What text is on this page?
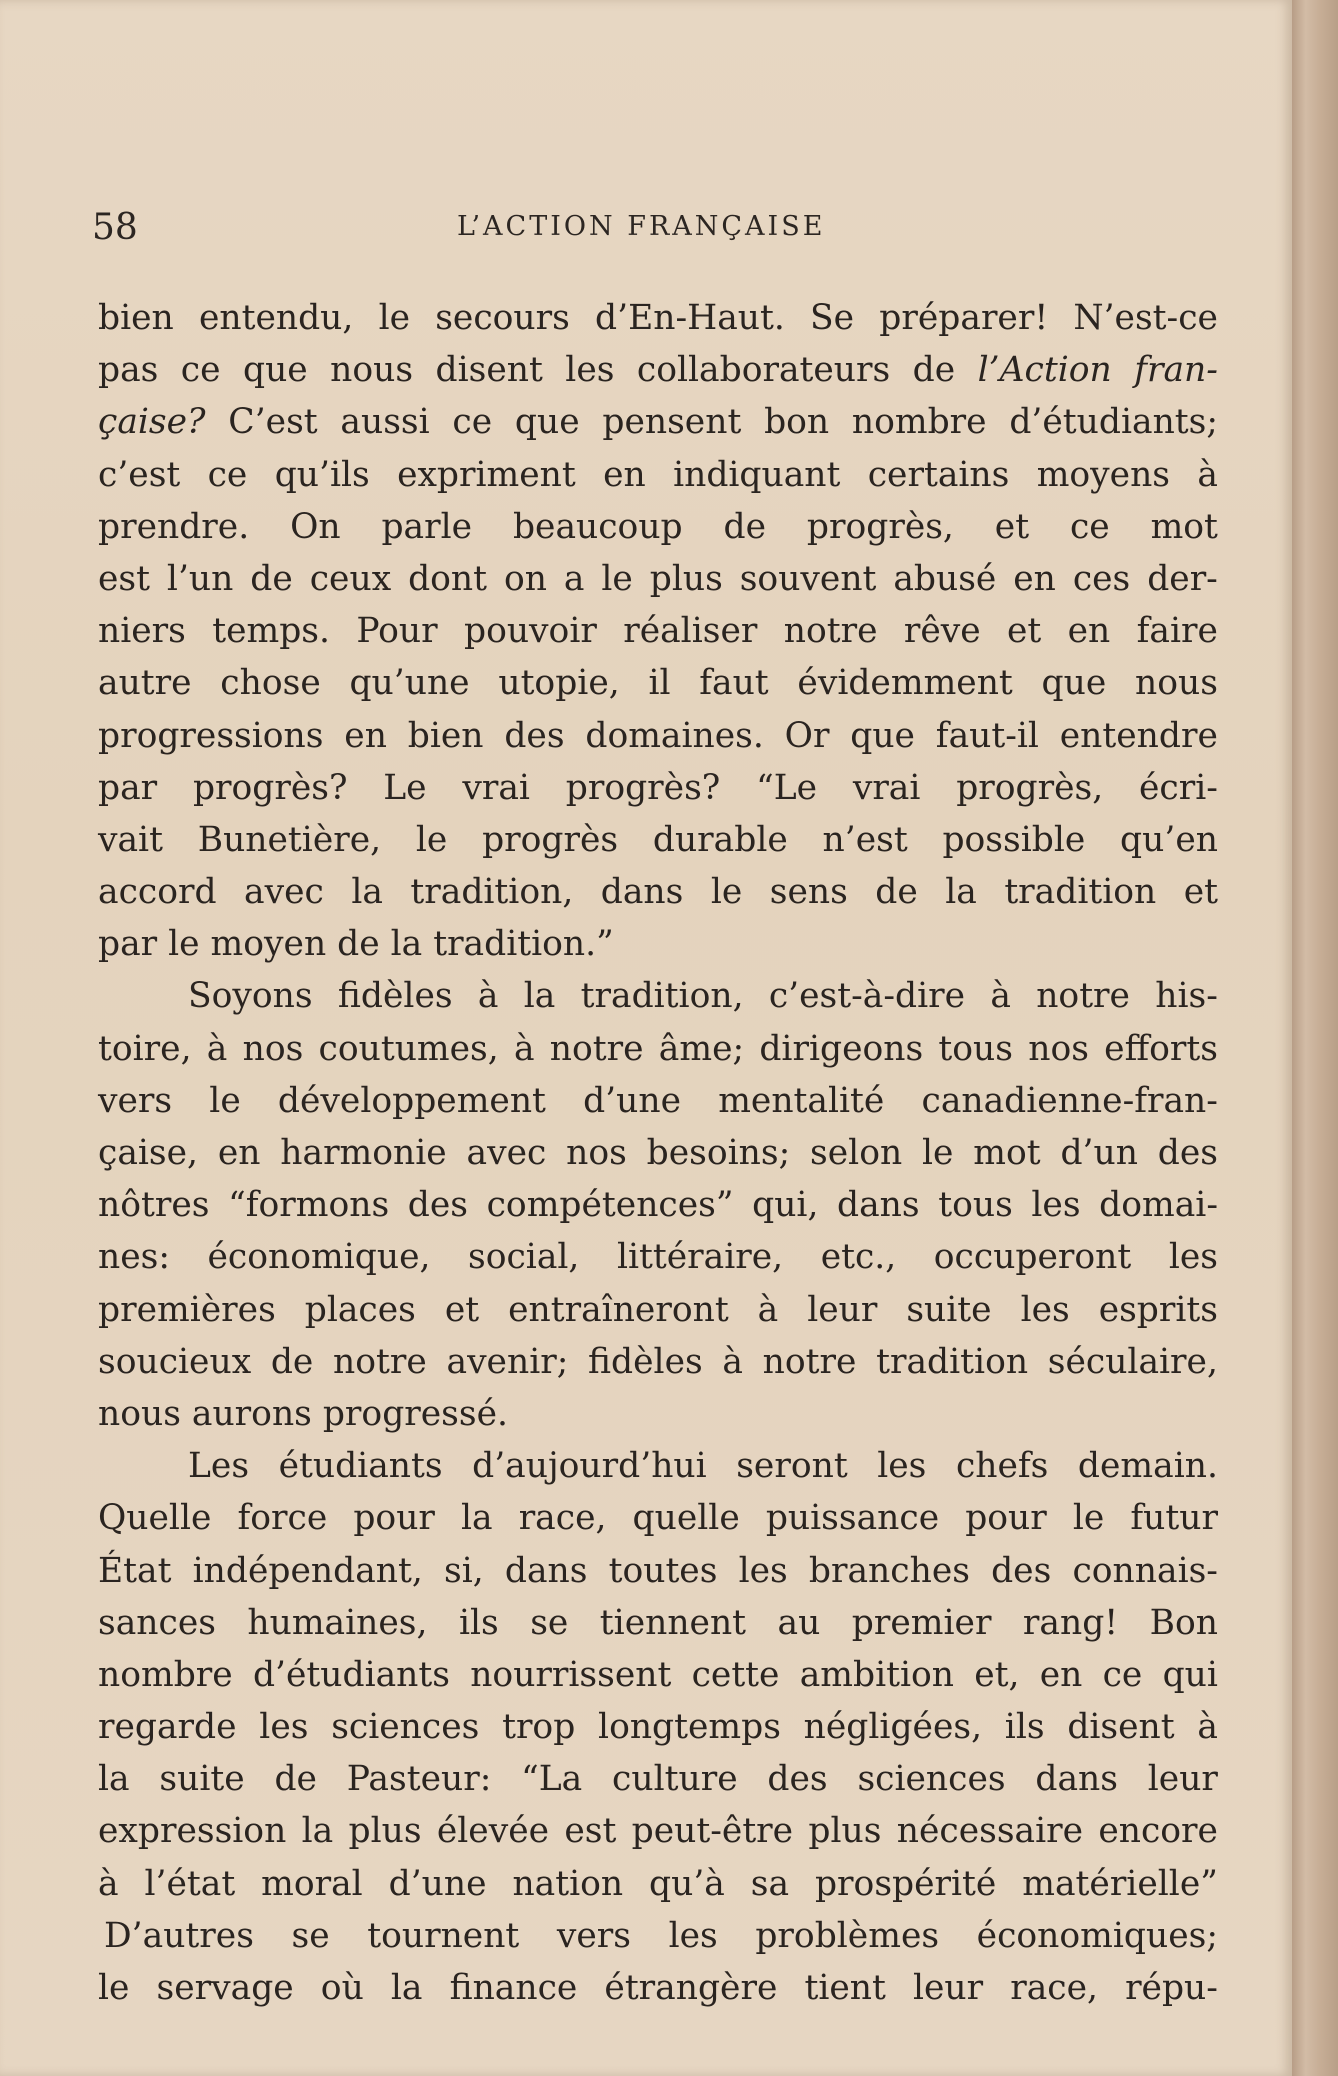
58	L’ACTION FRANÇAISE
bien entendu, le secours d’En-Haut. Se préparer! N’est-ce
pas ce que nous disent les collaborateurs de l’Action fran-
çaise? C’est aussi ce que pensent bon nombre d’étudiants;
c’est ce qu’ils expriment en indiquant certains moyens à
prendre. On parle beaucoup de progrès, et ce mot
est l’un de ceux dont on a le plus souvent abusé en ces der-
niers temps. Pour pouvoir réaliser notre rêve et en faire
autre chose qu’une utopie, il faut évidemment que nous
progressions en bien des domaines. Or que faut-il entendre
par progrès? Le vrai progrès? “Le vrai progrès, écri-
vait Bunetière, le progrès durable n’est possible qu’en
accord avec la tradition, dans le sens de la tradition et
par
le
moyen
de
la
tradition.”
Soyons fidèles à la tradition, c’est-à-dire à notre his-
toire, à nos coutumes, à notre âme; dirigeons tous nos efforts
vers le développement d’une mentalité canadienne-fran-
çaise, en harmonie avec nos besoins; selon le mot d’un des
nôtres “formons des compétences” qui, dans tous les domai-
nes: économique, social, littéraire, etc., occuperont les
premières places et entraîneront à leur suite les esprits
soucieux de notre avenir; fidèles à notre tradition séculaire,
nous
aurons
progressé.
Les étudiants d’aujourd’hui seront les chefs demain.
Quelle force pour la race, quelle puissance pour le futur
État indépendant, si, dans toutes les branches des connais-
sances humaines, ils se tiennent au premier rang! Bon
nombre d’étudiants nourrissent cette ambition et, en ce qui
regarde les sciences trop longtemps négligées, ils disent à
la suite de Pasteur: “La culture des sciences dans leur
expression la plus élevée est peut-être plus nécessaire encore
à l’état moral d’une nation qu’à sa prospérité matérielle”
D’autres se tournent vers les problèmes économiques;
le servage où la finance étrangère tient leur race, répu-
